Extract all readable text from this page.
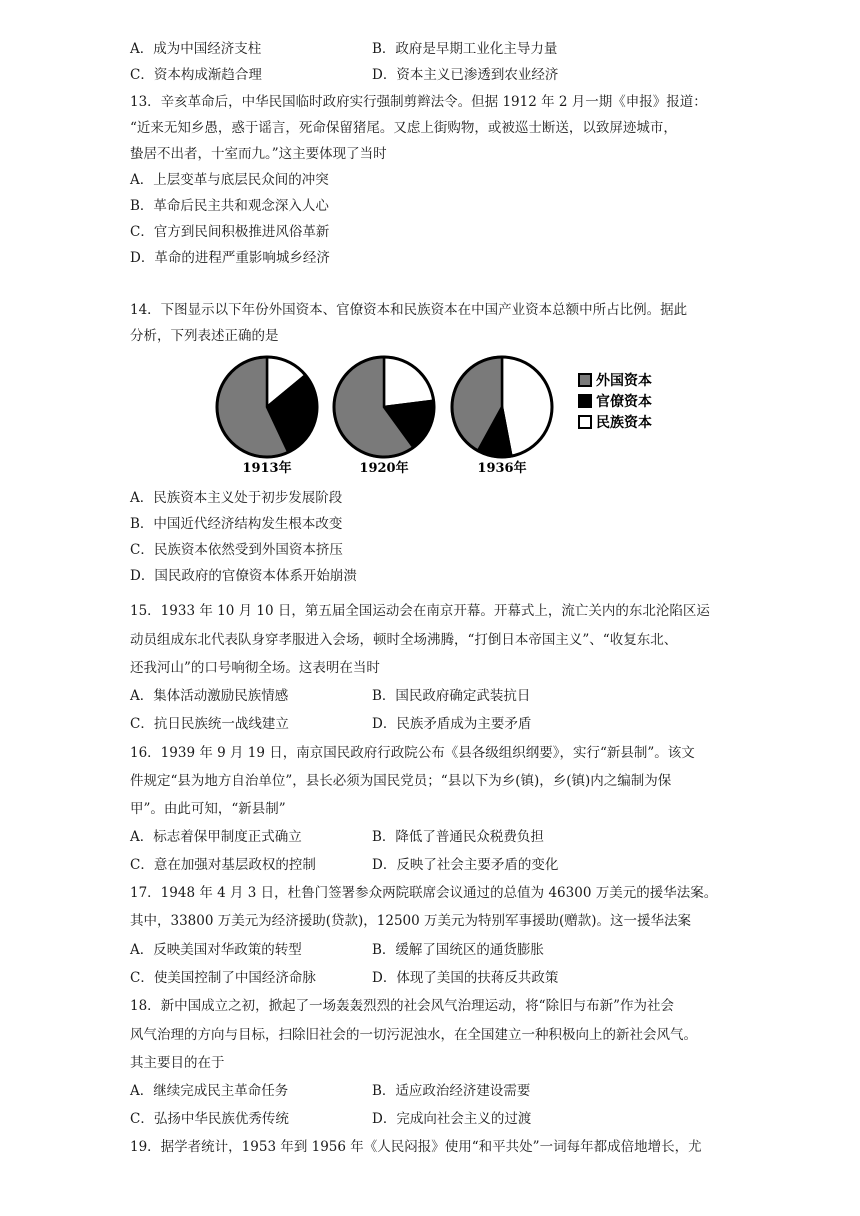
A．成为中国经济支柱	B．政府是早期工业化主导力量
C．资本构成渐趋合理	D．资本主义已渗透到农业经济
13．辛亥革命后，中华民国临时政府实行强制剪辫法令。但据 1912 年 2 月一期《申报》报道：
“近来无知乡愚，惑于谣言，死命保留猪尾。又虑上街购物，或被巡士断送，以致屏迹城市，
蛰居不出者，十室而九。”这主要体现了当时
A．上层变革与底层民众间的冲突
B．革命后民主共和观念深入人心
C．官方到民间积极推进风俗革新
D．革命的进程严重影响城乡经济
14．下图显示以下年份外国资本、官僚资本和民族资本在中国产业资本总额中所占比例。据此
分析，下列表述正确的是
1913年	1920年	1936年
外国资本
官僚资本
民族资本
A．民族资本主义处于初步发展阶段
B．中国近代经济结构发生根本改变
C．民族资本依然受到外国资本挤压
D．国民政府的官僚资本体系开始崩溃
15．1933 年 10 月 10 日，第五届全国运动会在南京开幕。开幕式上，流亡关内的东北沦陷区运
动员组成东北代表队身穿孝服进入会场，顿时全场沸腾，“打倒日本帝国主义”、“收复东北、
还我河山”的口号响彻全场。这表明在当时
A．集体活动激励民族情感	B．国民政府确定武装抗日
C．抗日民族统一战线建立	D．民族矛盾成为主要矛盾
16．1939 年 9 月 19 日，南京国民政府行政院公布《县各级组织纲要》，实行“新县制”。该文
件规定“县为地方自治单位”，县长必须为国民党员；“县以下为乡(镇)，乡(镇)内之编制为保
甲”。由此可知，“新县制”
A．标志着保甲制度正式确立	B．降低了普通民众税费负担
C．意在加强对基层政权的控制	D．反映了社会主要矛盾的变化
17．1948 年 4 月 3 日，杜鲁门签署参众两院联席会议通过的总值为 46300 万美元的援华法案。
其中，33800 万美元为经济援助(贷款)，12500 万美元为特别军事援助(赠款)。这一援华法案
A．反映美国对华政策的转型	B．缓解了国统区的通货膨胀
C．使美国控制了中国经济命脉	D．体现了美国的扶蒋反共政策
18．新中国成立之初，掀起了一场轰轰烈烈的社会风气治理运动，将“除旧与布新”作为社会
风气治理的方向与目标，扫除旧社会的一切污泥浊水，在全国建立一种积极向上的新社会风气。
其主要目的在于
A．继续完成民主革命任务	B．适应政治经济建设需要
C．弘扬中华民族优秀传统	D．完成向社会主义的过渡
19．据学者统计，1953 年到 1956 年《人民闷报》使用“和平共处”一词每年都成倍地增长，尤
